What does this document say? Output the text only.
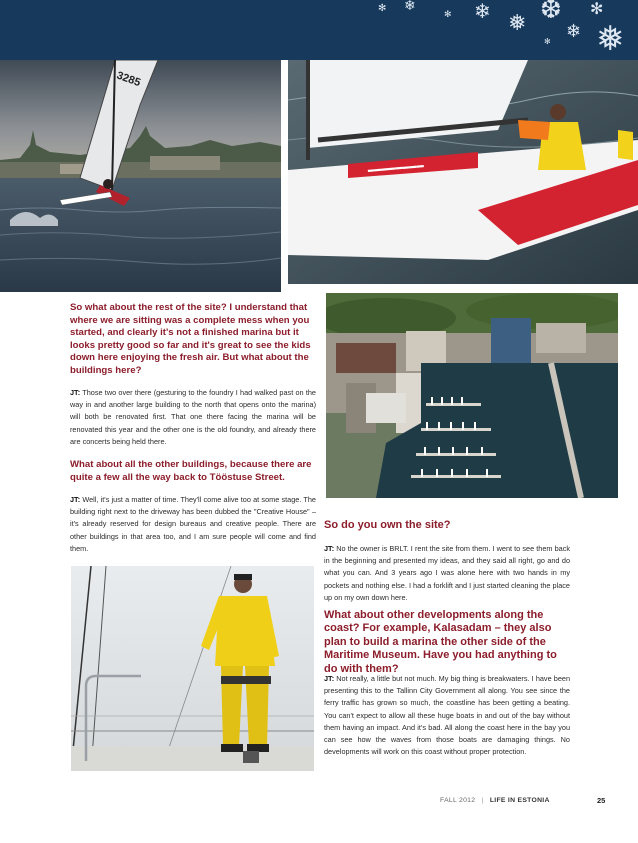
✻ ❄
✻ ❄ ❅ ❆
❄
✻
❅
✻
3285
▬▬▬▬▬▬▬▬
So what about the rest of the site? I understand that where we are sitting was a complete mess when you started, and clearly it's not a finished marina but it looks pretty good so far and it's great to see the kids down here enjoying the fresh air. But what about the buildings here?

JT: Those two over there (gesturing to the foundry I had walked past on the way in and another large building to the north that opens onto the marina) will both be renovated first. That one there facing the marina will be renovated this year and the other one is the old foundry, and already there are concerts being held there.

What about all the other buildings, because there are quite a few all the way back to Tööstuse Street.

JT: Well, it's just a matter of time. They'll come alive too at some stage. The building right next to the driveway has been dubbed the "Creative House" – it's already reserved for design bureaus and creative people. There are other buildings in that area too, and I am sure people will come and find them.

So do you own the site?

JT: No the owner is BRLT. I rent the site from them. I went to see them back in the beginning and presented my ideas, and they said all right, go and do what you can. And 3 years ago I was alone here with two hands in my pockets and nothing else. I had a forklift and I just started cleaning the place up on my own down here.

What about other developments along the coast? For example, Kalasadam – they also plan to build a marina the other side of the Maritime Museum. Have you had anything to do with them?

JT: Not really, a little but not much. My big thing is breakwaters. I have been presenting this to the Tallinn City Government all along. You see since the ferry traffic has grown so much, the coastline has been getting a beating. You can't expect to allow all these huge boats in and out of the bay without them having an impact. And it's bad. All along the coast here in the bay you can see how the waves from those boats are damaging things. No developments will work on this coast without proper protection.

FALL 2012 | LIFE IN ESTONIA	25
